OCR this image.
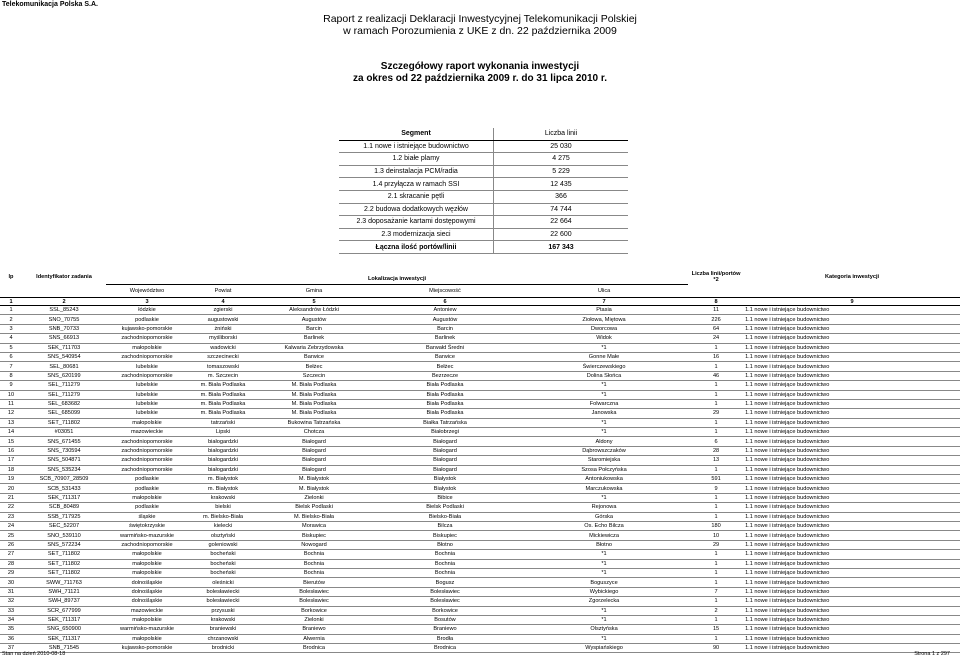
Telekomunikacja Polska S.A.
Raport z realizacji Deklaracji Inwestycyjnej Telekomunikacji Polskiej
w ramach Porozumienia z UKE z dn. 22 października 2009
Szczegółowy raport wykonania inwestycji
za okres od 22 października 2009 r. do 31 lipca 2010 r.
Segment	Liczba linii
1.1 nowe i istniejące budownictwo	25 030
1.2 białe plamy	4 275
1.3 deinstalacja PCM/radia	5 229
1.4 przyłącza w ramach SSI	12 435
2.1 skracanie pętli	366
2.2 budowa dodatkowych węzłów	74 744
2.3 doposażanie kartami dostępowymi	22 664
2.3 modernizacja sieci	22 600
Łączna ilość portów/linii	167 343
lp	Identyfikator zadania	Lokalizacja inwestycji					Liczba linii/portów *2	Kategoria inwestycji
		Województwo	Powiat	Gmina	Miejscowość	Ulica		
1	2	3	4	5	6	7	8	9
1	SSL_85243	łódzkie	zgierski	Aleksandrów Łódzki	Antoniew	Ptasia	11	1.1 nowe i istniejące budownictwo
2	SNO_70755	podlaskie	augustowski	Augustów	Augustów	Ziołowa, Miętowa	226	1.1 nowe i istniejące budownictwo
3	SNB_70733	kujawsko-pomorskie	żniński	Barcin	Barcin	Dworcowa	64	1.1 nowe i istniejące budownictwo
4	SNS_66913	zachodniopomorskie	myśliborski	Barlinek	Barlinek	Widok	24	1.1 nowe i istniejące budownictwo
5	SEK_711703	małopolskie	wadowicki	Kalwaria Zebrzydowska	Barwałd Średni	*1	1	1.1 nowe i istniejące budownictwo
6	SNS_540954	zachodniopomorskie	szczecinecki	Barwice	Barwice	Gonne Małe	16	1.1 nowe i istniejące budownictwo
7	SEL_80681	lubelskie	tomaszowski	Bełżec	Bełżec	Świerczewskiego	1	1.1 nowe i istniejące budownictwo
8	SNS_620199	zachodniopomorskie	m. Szczecin	Szczecin	Bezrzecze	Dolina Słońca	46	1.1 nowe i istniejące budownictwo
9	SEL_711279	lubelskie	m. Biała Podlaska	M. Biała Podlaska	Biała Podlaska	*1	1	1.1 nowe i istniejące budownictwo
10	SEL_711279	lubelskie	m. Biała Podlaska	M. Biała Podlaska	Biała Podlaska	*1	1	1.1 nowe i istniejące budownictwo
11	SEL_683682	lubelskie	m. Biała Podlaska	M. Biała Podlaska	Biała Podlaska	Folwarczna	1	1.1 nowe i istniejące budownictwo
12	SEL_685099	lubelskie	m. Biała Podlaska	M. Biała Podlaska	Biała Podlaska	Janowska	29	1.1 nowe i istniejące budownictwo
13	SET_711802	małopolskie	tatrzański	Bukowina Tatrzańska	Białka Tatrzańska	*1	1	1.1 nowe i istniejące budownictwo
14	#03051	mazowieckie	Lipski	Chotcza	Białobrzegi	*1	1	1.1 nowe i istniejące budownictwo
15	SNS_671455	zachodniopomorskie	białogardzki	Białogard	Białogard	Aldony	6	1.1 nowe i istniejące budownictwo
16	SNS_730594	zachodniopomorskie	białogardzki	Białogard	Białogard	Dąbrowszczaków	28	1.1 nowe i istniejące budownictwo
17	SNS_504871	zachodniopomorskie	białogardzki	Białogard	Białogard	Staromiejska	13	1.1 nowe i istniejące budownictwo
18	SNS_535234	zachodniopomorskie	białogardzki	Białogard	Białogard	Szosa Połczyńska	1	1.1 nowe i istniejące budownictwo
19	SCB_70907_28509	podlaskie	m. Białystok	M. Białystok	Białystok	Antoniukowska	591	1.1 nowe i istniejące budownictwo
20	SCB_531433	podlaskie	m. Białystok	M. Białystok	Białystok	Marczukowska	9	1.1 nowe i istniejące budownictwo
21	SEK_711317	małopolskie	krakowski	Zielonki	Bibice	*1	1	1.1 nowe i istniejące budownictwo
22	SCB_80489	podlaskie	bielski	Bielsk Podlaski	Bielsk Podlaski	Rejonowa	1	1.1 nowe i istniejące budownictwo
23	SSB_717925	śląskie	m. Bielsko-Biała	M. Bielsko-Biała	Bielsko-Biała	Górska	1	1.1 nowe i istniejące budownictwo
24	SEC_52207	świętokrzyskie	kielecki	Morawica	Bilcza	Os. Echo Bilcza	180	1.1 nowe i istniejące budownictwo
25	SNO_539110	warmińsko-mazurskie	olsztyński	Biskupiec	Biskupiec	Mickiewicza	10	1.1 nowe i istniejące budownictwo
26	SNS_572234	zachodniopomorskie	goleniowski	Nowogard	Błotno	Błotno	29	1.1 nowe i istniejące budownictwo
27	SET_711802	małopolskie	bocheński	Bochnia	Bochnia	*1	1	1.1 nowe i istniejące budownictwo
28	SET_711802	małopolskie	bocheński	Bochnia	Bochnia	*1	1	1.1 nowe i istniejące budownictwo
29	SET_711802	małopolskie	bocheński	Bochnia	Bochnia	*1	1	1.1 nowe i istniejące budownictwo
30	SWW_711763	dolnośląskie	oleśnicki	Bierutów	Bogusz	Boguszyce	1	1.1 nowe i istniejące budownictwo
31	SWH_71121	dolnośląskie	bolesławiecki	Bolesławiec	Bolesławiec	Wybickiego	7	1.1 nowe i istniejące budownictwo
32	SWH_89737	dolnośląskie	bolesławiecki	Bolesławiec	Bolesławiec	Zgorzelecka	1	1.1 nowe i istniejące budownictwo
33	SCR_677999	mazowieckie	przysuski	Borkowice	Borkowice	*1	2	1.1 nowe i istniejące budownictwo
34	SEK_711317	małopolskie	krakowski	Zielonki	Bosutów	*1	1	1.1 nowe i istniejące budownictwo
35	SNG_650900	warmińsko-mazurskie	braniewski	Braniewo	Braniewo	Olsztyńska	15	1.1 nowe i istniejące budownictwo
36	SEK_711317	małopolskie	chrzanowski	Alwernia	Brodła	*1	1	1.1 nowe i istniejące budownictwo
37	SNB_71545	kujawsko-pomorskie	brodnicki	Brodnica	Brodnica	Wyspiańskiego	90	1.1 nowe i istniejące budownictwo
Stan na dzień 2010-08-18	Strona 1 z 297
